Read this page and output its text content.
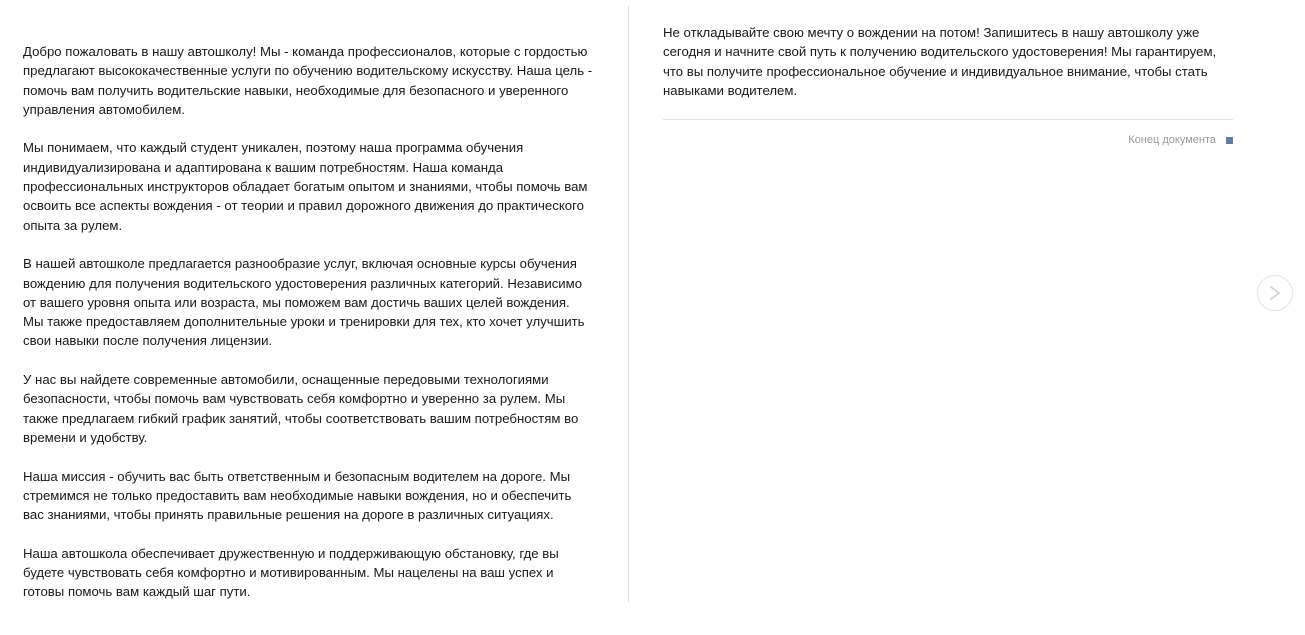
Добро пожаловать в нашу автошколу! Мы - команда профессионалов, которые с гордостью предлагают высококачественные услуги по обучению водительскому искусству. Наша цель - помочь вам получить водительские навыки, необходимые для безопасного и уверенного управления автомобилем.

Мы понимаем, что каждый студент уникален, поэтому наша программа обучения индивидуализирована и адаптирована к вашим потребностям. Наша команда профессиональных инструкторов обладает богатым опытом и знаниями, чтобы помочь вам освоить все аспекты вождения - от теории и правил дорожного движения до практического опыта за рулем.

В нашей автошколе предлагается разнообразие услуг, включая основные курсы обучения вождению для получения водительского удостоверения различных категорий. Независимо от вашего уровня опыта или возраста, мы поможем вам достичь ваших целей вождения. Мы также предоставляем дополнительные уроки и тренировки для тех, кто хочет улучшить свои навыки после получения лицензии.

У нас вы найдете современные автомобили, оснащенные передовыми технологиями безопасности, чтобы помочь вам чувствовать себя комфортно и уверенно за рулем. Мы также предлагаем гибкий график занятий, чтобы соответствовать вашим потребностям во времени и удобству.

Наша миссия - обучить вас быть ответственным и безопасным водителем на дороге. Мы стремимся не только предоставить вам необходимые навыки вождения, но и обеспечить вас знаниями, чтобы принять правильные решения на дороге в различных ситуациях.

Наша автошкола обеспечивает дружественную и поддерживающую обстановку, где вы будете чувствовать себя комфортно и мотивированным. Мы нацелены на ваш успех и готовы помочь вам каждый шаг пути.

Не откладывайте свою мечту о вождении на потом! Запишитесь в нашу автошколу уже сегодня и начните свой путь к получению водительского удостоверения! Мы гарантируем, что вы получите профессиональное обучение и индивидуальное внимание, чтобы стать навыками водителем.

Конец документа
